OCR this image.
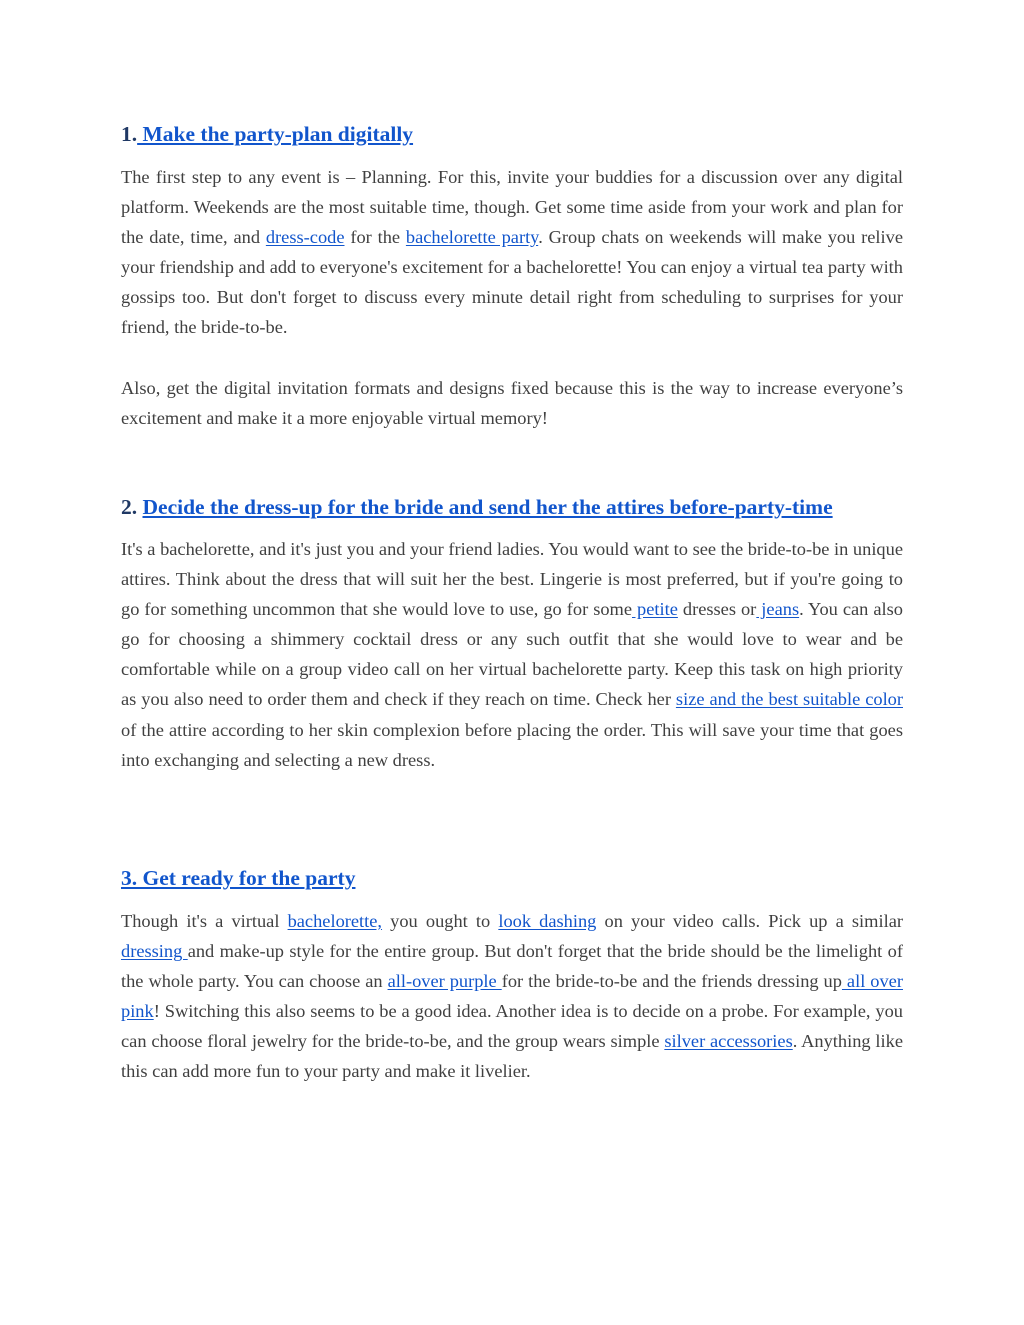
1. Make the party-plan digitally

The first step to any event is – Planning. For this, invite your buddies for a discussion over any digital platform. Weekends are the most suitable time, though. Get some time aside from your work and plan for the date, time, and dress-code for the bachelorette party. Group chats on weekends will make you relive your friendship and add to everyone's excitement for a bachelorette! You can enjoy a virtual tea party with gossips too. But don't forget to discuss every minute detail right from scheduling to surprises for your friend, the bride-to-be.

Also, get the digital invitation formats and designs fixed because this is the way to increase everyone’s excitement and make it a more enjoyable virtual memory!

2. Decide the dress-up for the bride and send her the attires before-party-time

It's a bachelorette, and it's just you and your friend ladies. You would want to see the bride-to-be in unique attires. Think about the dress that will suit her the best. Lingerie is most preferred, but if you're going to go for something uncommon that she would love to use, go for some petite dresses or jeans. You can also go for choosing a shimmery cocktail dress or any such outfit that she would love to wear and be comfortable while on a group video call on her virtual bachelorette party. Keep this task on high priority as you also need to order them and check if they reach on time. Check her size and the best suitable color of the attire according to her skin complexion before placing the order. This will save your time that goes into exchanging and selecting a new dress.

3. Get ready for the party

Though it's a virtual bachelorette, you ought to look dashing on your video calls. Pick up a similar dressing and make-up style for the entire group. But don't forget that the bride should be the limelight of the whole party. You can choose an all-over purple for the bride-to-be and the friends dressing up all over pink! Switching this also seems to be a good idea. Another idea is to decide on a probe. For example, you can choose floral jewelry for the bride-to-be, and the group wears simple silver accessories. Anything like this can add more fun to your party and make it livelier.
